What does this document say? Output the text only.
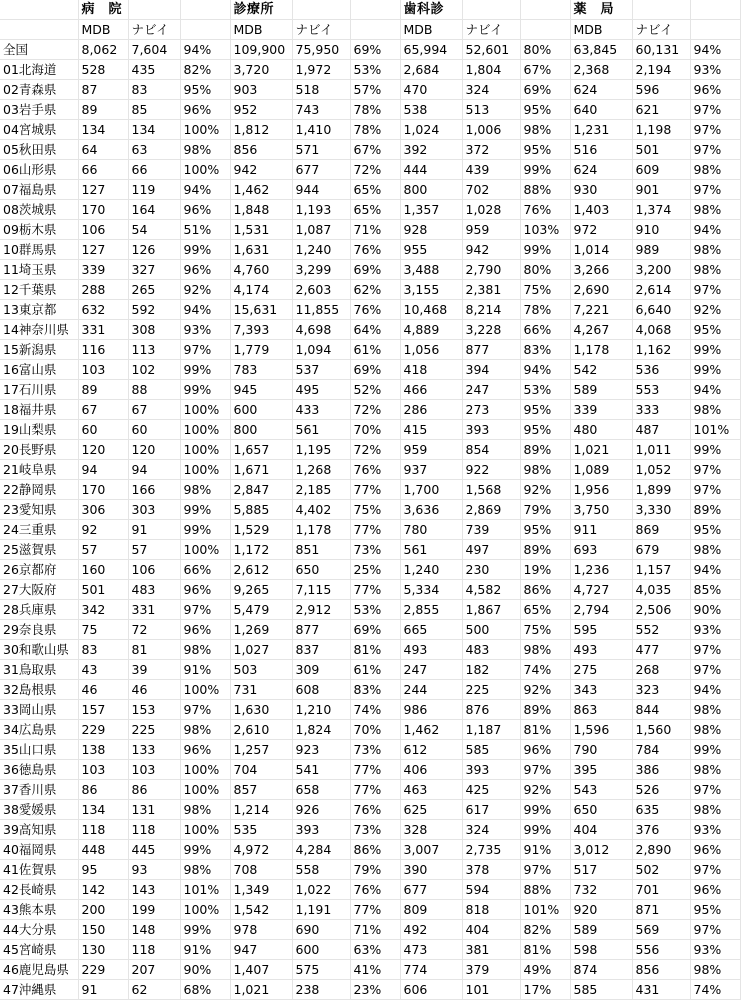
	病　院			診療所			歯科診			薬　局		
	MDB	ナビイ		MDB	ナビイ		MDB	ナビイ		MDB	ナビイ	
全国	8,062	7,604	94%	109,900	75,950	69%	65,994	52,601	80%	63,845	60,131	94%
01北海道	528	435	82%	3,720	1,972	53%	2,684	1,804	67%	2,368	2,194	93%
02青森県	87	83	95%	903	518	57%	470	324	69%	624	596	96%
03岩手県	89	85	96%	952	743	78%	538	513	95%	640	621	97%
04宮城県	134	134	100%	1,812	1,410	78%	1,024	1,006	98%	1,231	1,198	97%
05秋田県	64	63	98%	856	571	67%	392	372	95%	516	501	97%
06山形県	66	66	100%	942	677	72%	444	439	99%	624	609	98%
07福島県	127	119	94%	1,462	944	65%	800	702	88%	930	901	97%
08茨城県	170	164	96%	1,848	1,193	65%	1,357	1,028	76%	1,403	1,374	98%
09栃木県	106	54	51%	1,531	1,087	71%	928	959	103%	972	910	94%
10群馬県	127	126	99%	1,631	1,240	76%	955	942	99%	1,014	989	98%
11埼玉県	339	327	96%	4,760	3,299	69%	3,488	2,790	80%	3,266	3,200	98%
12千葉県	288	265	92%	4,174	2,603	62%	3,155	2,381	75%	2,690	2,614	97%
13東京都	632	592	94%	15,631	11,855	76%	10,468	8,214	78%	7,221	6,640	92%
14神奈川県	331	308	93%	7,393	4,698	64%	4,889	3,228	66%	4,267	4,068	95%
15新潟県	116	113	97%	1,779	1,094	61%	1,056	877	83%	1,178	1,162	99%
16富山県	103	102	99%	783	537	69%	418	394	94%	542	536	99%
17石川県	89	88	99%	945	495	52%	466	247	53%	589	553	94%
18福井県	67	67	100%	600	433	72%	286	273	95%	339	333	98%
19山梨県	60	60	100%	800	561	70%	415	393	95%	480	487	101%
20長野県	120	120	100%	1,657	1,195	72%	959	854	89%	1,021	1,011	99%
21岐阜県	94	94	100%	1,671	1,268	76%	937	922	98%	1,089	1,052	97%
22静岡県	170	166	98%	2,847	2,185	77%	1,700	1,568	92%	1,956	1,899	97%
23愛知県	306	303	99%	5,885	4,402	75%	3,636	2,869	79%	3,750	3,330	89%
24三重県	92	91	99%	1,529	1,178	77%	780	739	95%	911	869	95%
25滋賀県	57	57	100%	1,172	851	73%	561	497	89%	693	679	98%
26京都府	160	106	66%	2,612	650	25%	1,240	230	19%	1,236	1,157	94%
27大阪府	501	483	96%	9,265	7,115	77%	5,334	4,582	86%	4,727	4,035	85%
28兵庫県	342	331	97%	5,479	2,912	53%	2,855	1,867	65%	2,794	2,506	90%
29奈良県	75	72	96%	1,269	877	69%	665	500	75%	595	552	93%
30和歌山県	83	81	98%	1,027	837	81%	493	483	98%	493	477	97%
31鳥取県	43	39	91%	503	309	61%	247	182	74%	275	268	97%
32島根県	46	46	100%	731	608	83%	244	225	92%	343	323	94%
33岡山県	157	153	97%	1,630	1,210	74%	986	876	89%	863	844	98%
34広島県	229	225	98%	2,610	1,824	70%	1,462	1,187	81%	1,596	1,560	98%
35山口県	138	133	96%	1,257	923	73%	612	585	96%	790	784	99%
36徳島県	103	103	100%	704	541	77%	406	393	97%	395	386	98%
37香川県	86	86	100%	857	658	77%	463	425	92%	543	526	97%
38愛媛県	134	131	98%	1,214	926	76%	625	617	99%	650	635	98%
39高知県	118	118	100%	535	393	73%	328	324	99%	404	376	93%
40福岡県	448	445	99%	4,972	4,284	86%	3,007	2,735	91%	3,012	2,890	96%
41佐賀県	95	93	98%	708	558	79%	390	378	97%	517	502	97%
42長崎県	142	143	101%	1,349	1,022	76%	677	594	88%	732	701	96%
43熊本県	200	199	100%	1,542	1,191	77%	809	818	101%	920	871	95%
44大分県	150	148	99%	978	690	71%	492	404	82%	589	569	97%
45宮崎県	130	118	91%	947	600	63%	473	381	81%	598	556	93%
46鹿児島県	229	207	90%	1,407	575	41%	774	379	49%	874	856	98%
47沖縄県	91	62	68%	1,021	238	23%	606	101	17%	585	431	74%
